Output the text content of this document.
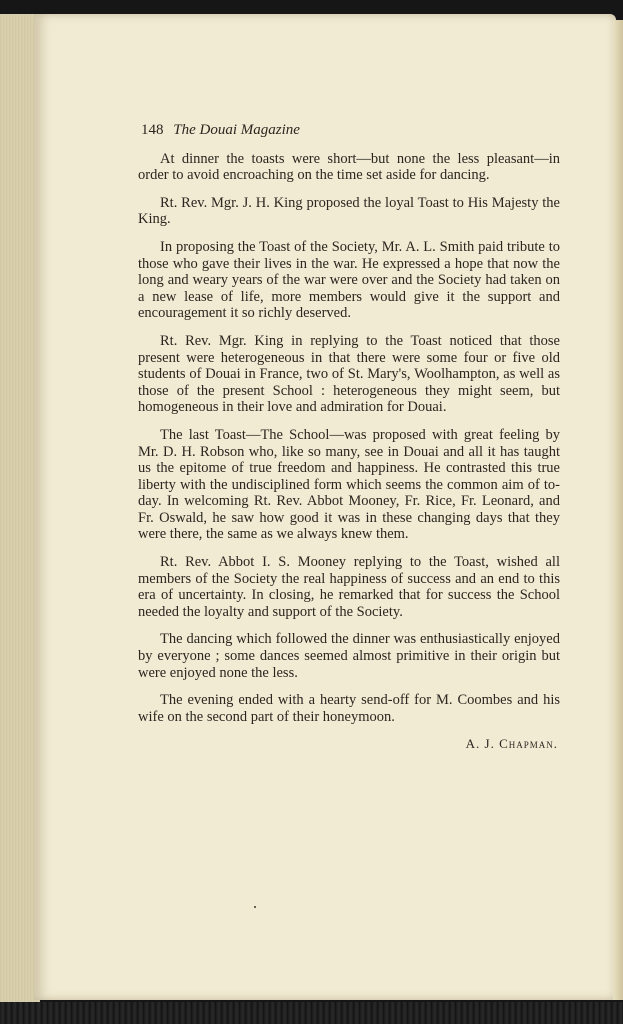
148 The Douai Magazine

At dinner the toasts were short—but none the less pleasant—in order to avoid encroaching on the time set aside for dancing.

Rt. Rev. Mgr. J. H. King proposed the loyal Toast to His Majesty the King.

In proposing the Toast of the Society, Mr. A. L. Smith paid tribute to those who gave their lives in the war. He expressed a hope that now the long and weary years of the war were over and the Society had taken on a new lease of life, more members would give it the support and encouragement it so richly deserved.

Rt. Rev. Mgr. King in replying to the Toast noticed that those present were heterogeneous in that there were some four or five old students of Douai in France, two of St. Mary's, Woolhampton, as well as those of the present School : heterogeneous they might seem, but homogeneous in their love and admiration for Douai.

The last Toast—The School—was proposed with great feeling by Mr. D. H. Robson who, like so many, see in Douai and all it has taught us the epitome of true freedom and happiness. He contrasted this true liberty with the undisciplined form which seems the common aim of to-day. In welcoming Rt. Rev. Abbot Mooney, Fr. Rice, Fr. Leonard, and Fr. Oswald, he saw how good it was in these changing days that they were there, the same as we always knew them.

Rt. Rev. Abbot I. S. Mooney replying to the Toast, wished all members of the Society the real happiness of success and an end to this era of uncertainty. In closing, he remarked that for success the School needed the loyalty and support of the Society.

The dancing which followed the dinner was enthusiastically enjoyed by everyone ; some dances seemed almost primitive in their origin but were enjoyed none the less.

The evening ended with a hearty send-off for M. Coombes and his wife on the second part of their honeymoon.

A. J. Chapman.
